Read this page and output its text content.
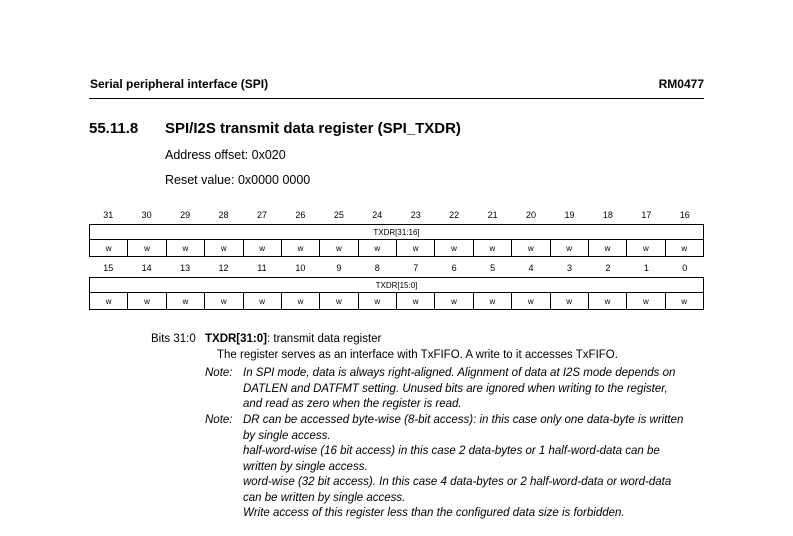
Serial peripheral interface (SPI)	RM0477
55.11.8 SPI/I2S transmit data register (SPI_TXDR)
Address offset: 0x020
Reset value: 0x0000 0000
31	30	29	28	27	26	25	24	23	22	21	20	19	18	17	16
TXDR[31:16]
w	w	w	w	w	w	w	w	w	w	w	w	w	w	w	w
15	14	13	12	11	10	9	8	7	6	5	4	3	2	1	0
TXDR[15:0]
w	w	w	w	w	w	w	w	w	w	w	w	w	w	w	w
Bits 31:0 TXDR[31:0]: transmit data register
The register serves as an interface with TxFIFO. A write to it accesses TxFIFO.
Note: In SPI mode, data is always right-aligned. Alignment of data at I2S mode depends on
DATLEN and DATFMT setting. Unused bits are ignored when writing to the register,
and read as zero when the register is read.
Note: DR can be accessed byte-wise (8-bit access): in this case only one data-byte is written
by single access.
half-word-wise (16 bit access) in this case 2 data-bytes or 1 half-word-data can be
written by single access.
word-wise (32 bit access). In this case 4 data-bytes or 2 half-word-data or word-data
can be written by single access.
Write access of this register less than the configured data size is forbidden.
